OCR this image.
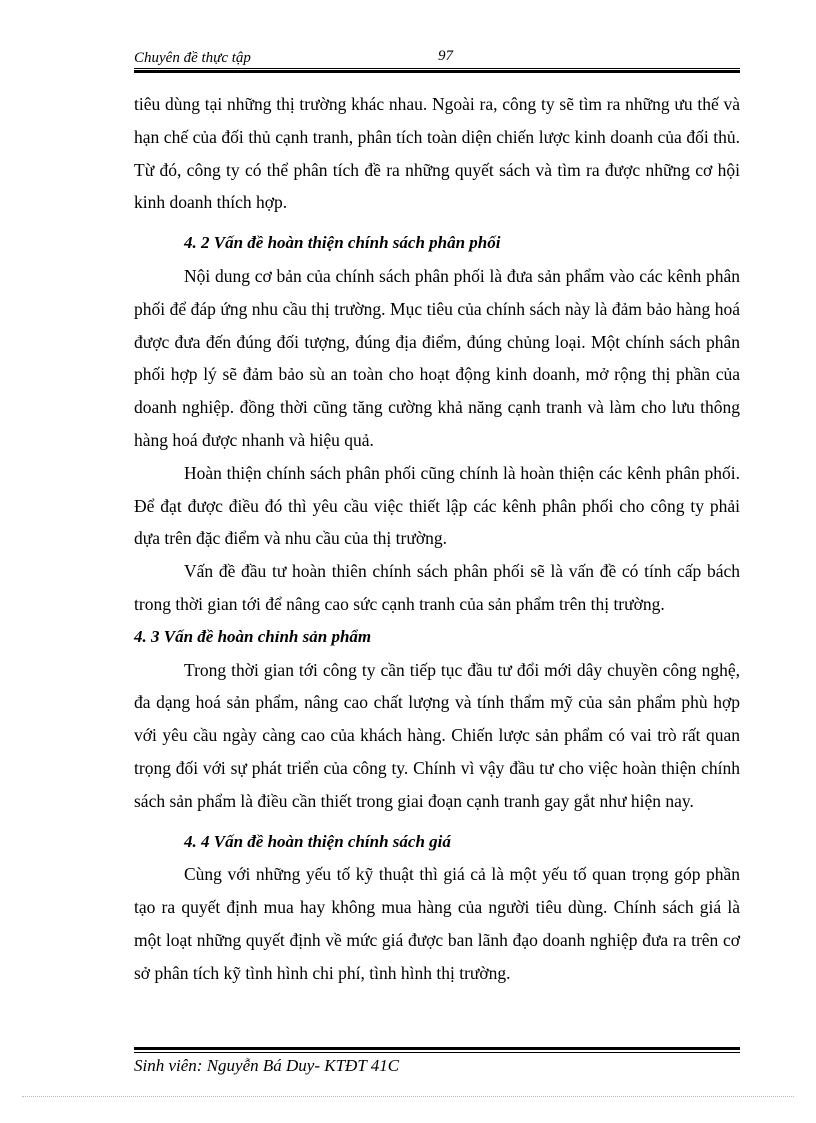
Chuyên đề thực tập	97

tiêu dùng tại những thị trường khác nhau. Ngoài ra, công ty sẽ tìm ra những ưu thế và hạn chế của đối thủ cạnh tranh, phân tích toàn diện chiến lược kinh doanh của đối thủ. Từ đó, công ty có thể phân tích đề ra những quyết sách và tìm ra được những cơ hội kinh doanh thích hợp.

4. 2 Vấn đề hoàn thiện chính sách phân phối

Nội dung cơ bản của chính sách phân phối là đưa sản phẩm vào các kênh phân phối để đáp ứng nhu cầu thị trường. Mục tiêu của chính sách này là đảm bảo hàng hoá được đưa đến đúng đối tượng, đúng địa điểm, đúng chủng loại. Một chính sách phân phối hợp lý sẽ đảm bảo sù an toàn cho hoạt động kinh doanh, mở rộng thị phần của doanh nghiệp. đồng thời cũng tăng cường khả năng cạnh tranh và làm cho lưu thông hàng hoá được nhanh và hiệu quả.

Hoàn thiện chính sách phân phối cũng chính là hoàn thiện các kênh phân phối. Để đạt được điều đó thì yêu cầu việc thiết lập các kênh phân phối cho công ty phải dựa trên đặc điểm và nhu cầu của thị trường.

Vấn đề đầu tư hoàn thiên chính sách phân phối sẽ là vấn đề có tính cấp bách trong thời gian tới để nâng cao sức cạnh tranh của sản phẩm trên thị trường.

4. 3 Vấn đề hoàn chỉnh sản phẩm

Trong thời gian tới công ty cần tiếp tục đầu tư đổi mới dây chuyền công nghệ, đa dạng hoá sản phẩm, nâng cao chất lượng và tính thẩm mỹ của sản phẩm phù hợp với yêu cầu ngày càng cao của khách hàng. Chiến lược sản phẩm có vai trò rất quan trọng đối với sự phát triển của công ty. Chính vì vậy đầu tư cho việc hoàn thiện chính sách sản phẩm là điều cần thiết trong giai đoạn cạnh tranh gay gắt như hiện nay.

4. 4 Vấn đề hoàn thiện chính sách giá

Cùng với những yếu tố kỹ thuật thì giá cả là một yếu tố quan trọng góp phần tạo ra quyết định mua hay không mua hàng của người tiêu dùng. Chính sách giá là một loạt những quyết định về mức giá được ban lãnh đạo doanh nghiệp đưa ra trên cơ sở phân tích kỹ tình hình chi phí, tình hình thị trường.

Sinh viên: Nguyễn Bá Duy- KTĐT 41C
